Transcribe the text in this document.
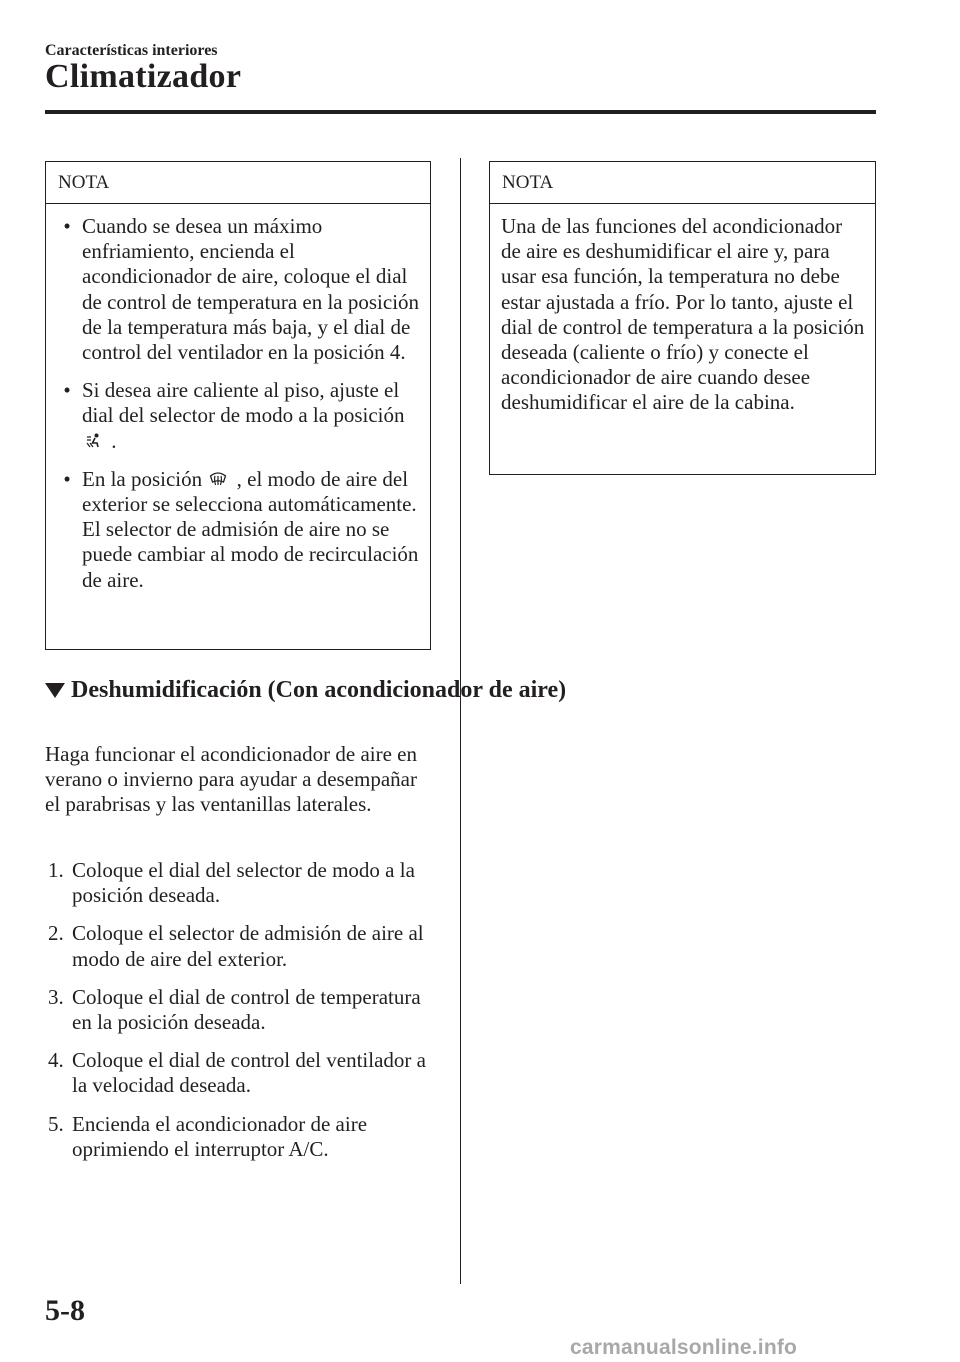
Características interiores
Climatizador
NOTA
• Cuando se desea un máximo enfriamiento, encienda el acondicionador de aire, coloque el dial de control de temperatura en la posición de la temperatura más baja, y el dial de control del ventilador en la posición 4.
• Si desea aire caliente al piso, ajuste el dial del selector de modo a la posición
.
• En la posición , el modo de aire del exterior se selecciona automáticamente. El selector de admisión de aire no se puede cambiar al modo de recirculación de aire.
Deshumidificación (Con acondicionador de aire)
Haga funcionar el acondicionador de aire en verano o invierno para ayudar a desempañar el parabrisas y las ventanillas laterales.
1. Coloque el dial del selector de modo a la posición deseada.
2. Coloque el selector de admisión de aire al modo de aire del exterior.
3. Coloque el dial de control de temperatura en la posición deseada.
4. Coloque el dial de control del ventilador a la velocidad deseada.
5. Encienda el acondicionador de aire oprimiendo el interruptor A/C.
NOTA
Una de las funciones del acondicionador de aire es deshumidificar el aire y, para usar esa función, la temperatura no debe estar ajustada a frío. Por lo tanto, ajuste el dial de control de temperatura a la posición deseada (caliente o frío) y conecte el acondicionador de aire cuando desee deshumidificar el aire de la cabina.
5-8
carmanualsonline.info
